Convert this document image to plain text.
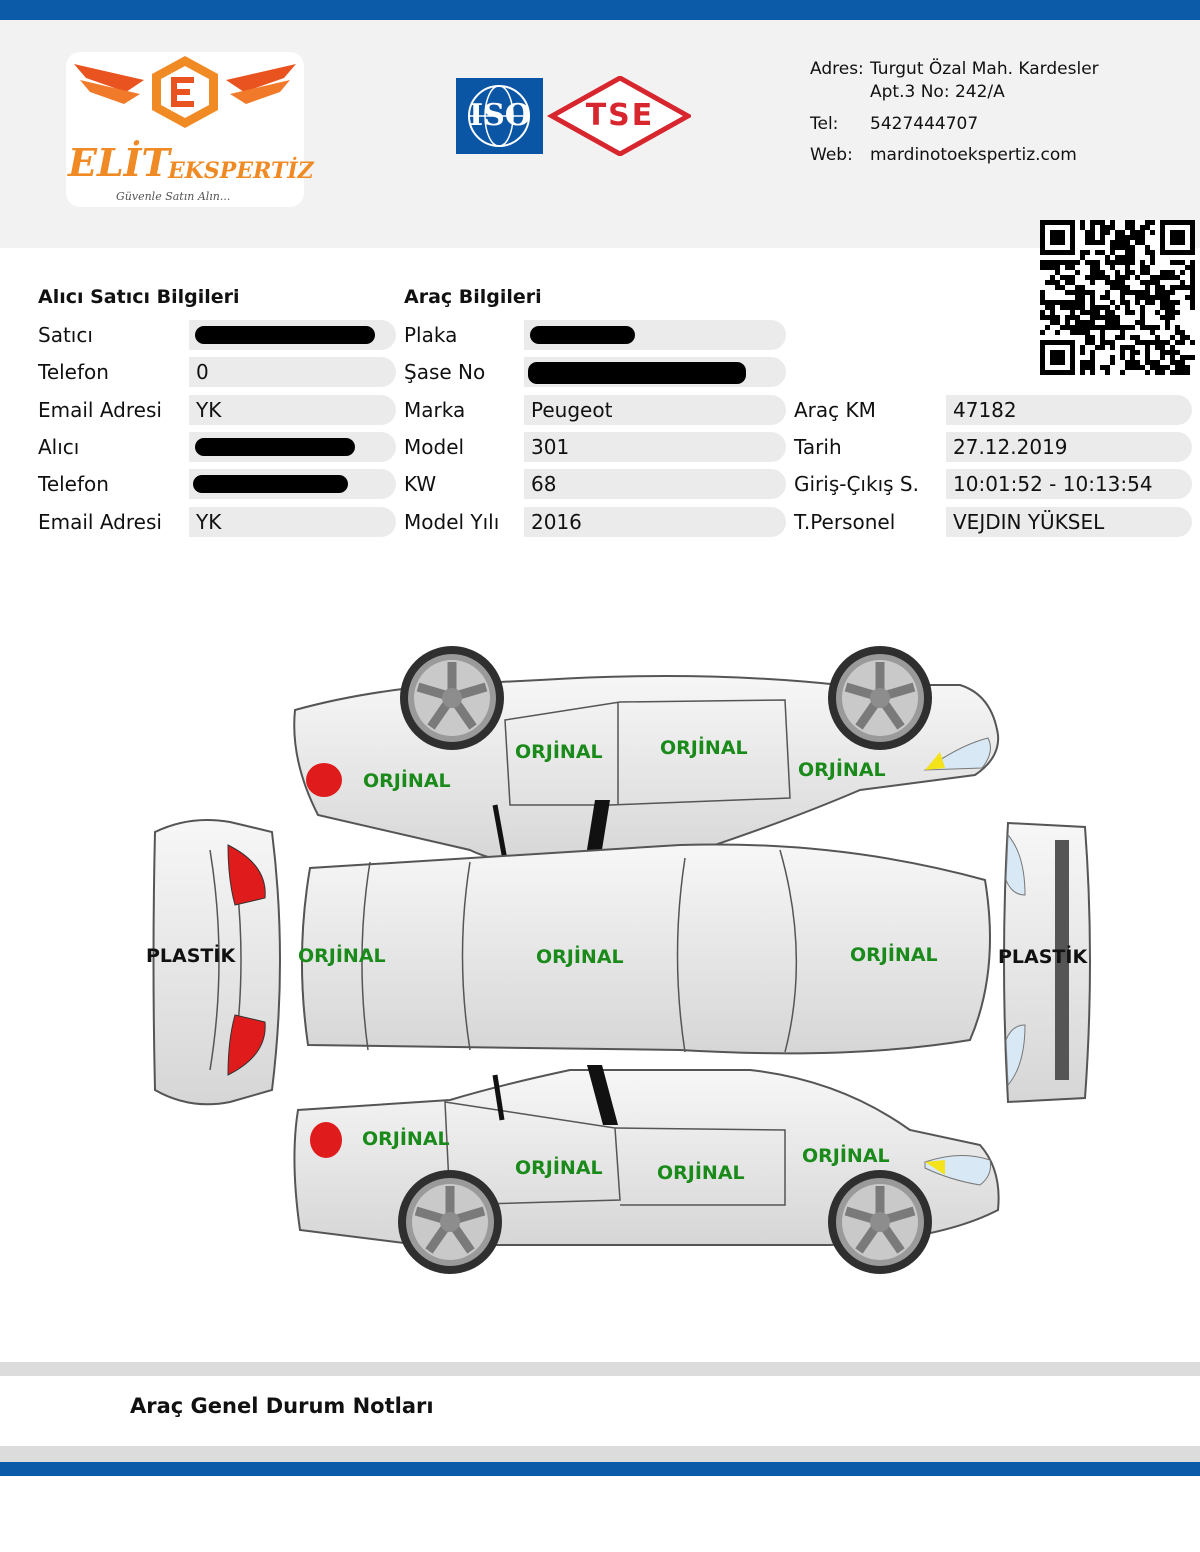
ELİT
EKSPERTİZ
Güvenle Satın Alın...
ISO	TSE
Adres: Turgut Özal Mah. Kardesler
Apt.3 No: 242/A
Tel: 5427444707
Web: mardinotoekspertiz.com
Alıcı Satıcı Bilgileri	Araç Bilgileri
Satıcı
Telefon	0
Email Adresi	YK
Alıcı
Telefon
Email Adresi	YK
Plaka
Şase No
Marka	Peugeot
Model	301
KW	68
Model Yılı	2016
Araç KM	47182
Tarih	27.12.2019
Giriş-Çıkış S.	10:01:52 - 10:13:54
T.Personel	VEJDIN YÜKSEL
ORJİNAL
ORJİNAL	ORJİNAL
ORJİNAL
PLASTİK	ORJİNAL	ORJİNAL	ORJİNAL	PLASTİK
ORJİNAL
ORJİNAL	ORJİNAL
ORJİNAL
Araç Genel Durum Notları
